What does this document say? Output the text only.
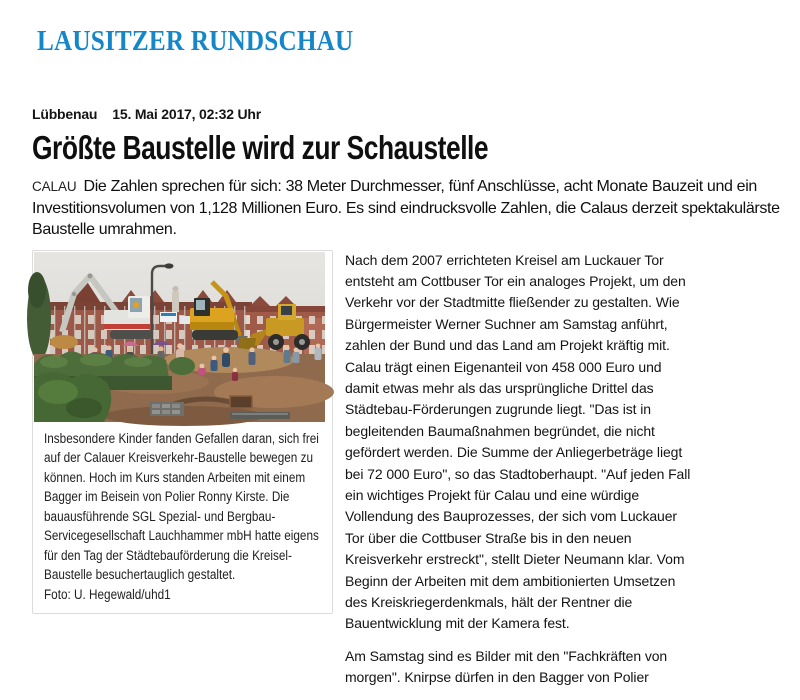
LAUSITZER RUNDSCHAU
Lübbenau 15. Mai 2017, 02:32 Uhr
Größte Baustelle wird zur Schaustelle
CALAU Die Zahlen sprechen für sich: 38 Meter Durchmesser, fünf Anschlüsse, acht Monate Bauzeit und ein Investitionsvolumen von 1,128 Millionen Euro. Es sind eindrucksvolle Zahlen, die Calaus derzeit spektakulärste Baustelle umrahmen.
Insbesondere Kinder fanden Gefallen daran, sich frei auf der Calauer Kreisverkehr-Baustelle bewegen zu können. Hoch im Kurs standen Arbeiten mit einem Bagger im Beisein von Polier Ronny Kirste. Die bauausführende SGL Spezial- und Bergbau-Servicegesellschaft Lauchhammer mbH hatte eigens für den Tag der Städtebauförderung die Kreisel-Baustelle besuchertauglich gestaltet.
Foto: U. Hegewald/uhd1

Nach dem 2007 errichteten Kreisel am Luckauer Tor entsteht am Cottbuser Tor ein analoges Projekt, um den Verkehr vor der Stadtmitte fließender zu gestalten. Wie Bürgermeister Werner Suchner am Samstag anführt, zahlen der Bund und das Land am Projekt kräftig mit. Calau trägt einen Eigenanteil von 458 000 Euro und damit etwas mehr als das ursprüngliche Drittel das Städtebau-Förderungen zugrunde liegt. "Das ist in begleitenden Baumaßnahmen begründet, die nicht gefördert werden. Die Summe der Anliegerbeträge liegt bei 72 000 Euro", so das Stadtoberhaupt. "Auf jeden Fall ein wichtiges Projekt für Calau und eine würdige Vollendung des Bauprozesses, der sich vom Luckauer Tor über die Cottbuser Straße bis in den neuen Kreisverkehr erstreckt", stellt Dieter Neumann klar. Vom Beginn der Arbeiten mit dem ambitionierten Umsetzen des Kreiskriegerdenkmals, hält der Rentner die Bauentwicklung mit der Kamera fest.

Am Samstag sind es Bilder mit den "Fachkräften von morgen". Knirpse dürfen in den Bagger von Polier
